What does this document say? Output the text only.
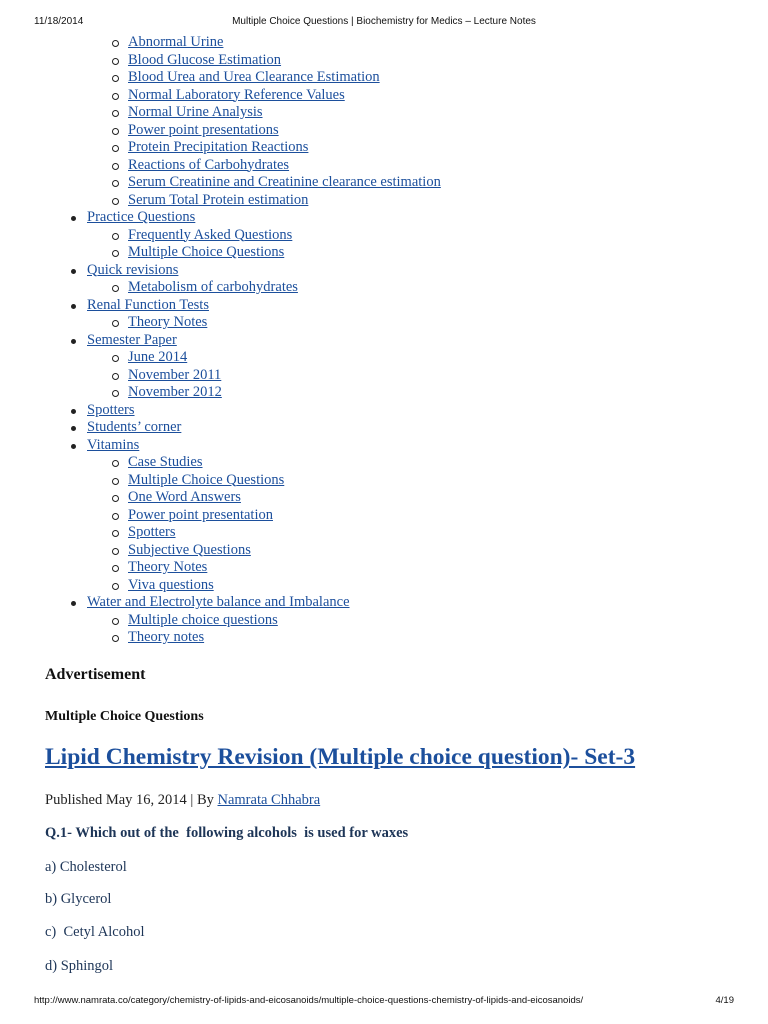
11/18/2014	Multiple Choice Questions | Biochemistry for Medics – Lecture Notes
Abnormal Urine
Blood Glucose Estimation
Blood Urea and Urea Clearance Estimation
Normal Laboratory Reference Values
Normal Urine Analysis
Power point presentations
Protein Precipitation Reactions
Reactions of Carbohydrates
Serum Creatinine and Creatinine clearance estimation
Serum Total Protein estimation
Practice Questions
Frequently Asked Questions
Multiple Choice Questions
Quick revisions
Metabolism of carbohydrates
Renal Function Tests
Theory Notes
Semester Paper
June 2014
November 2011
November 2012
Spotters
Students’ corner
Vitamins
Case Studies
Multiple Choice Questions
One Word Answers
Power point presentation
Spotters
Subjective Questions
Theory Notes
Viva questions
Water and Electrolyte balance and Imbalance
Multiple choice questions
Theory notes
Advertisement
Multiple Choice Questions
Lipid Chemistry Revision (Multiple choice question)- Set-3
Published May 16, 2014 | By Namrata Chhabra

Q.1- Which out of the  following alcohols  is used for waxes

a) Cholesterol
b) Glycerol
c)  Cetyl Alcohol
d) Sphingol
http://www.namrata.co/category/chemistry-of-lipids-and-eicosanoids/multiple-choice-questions-chemistry-of-lipids-and-eicosanoids/	4/19
